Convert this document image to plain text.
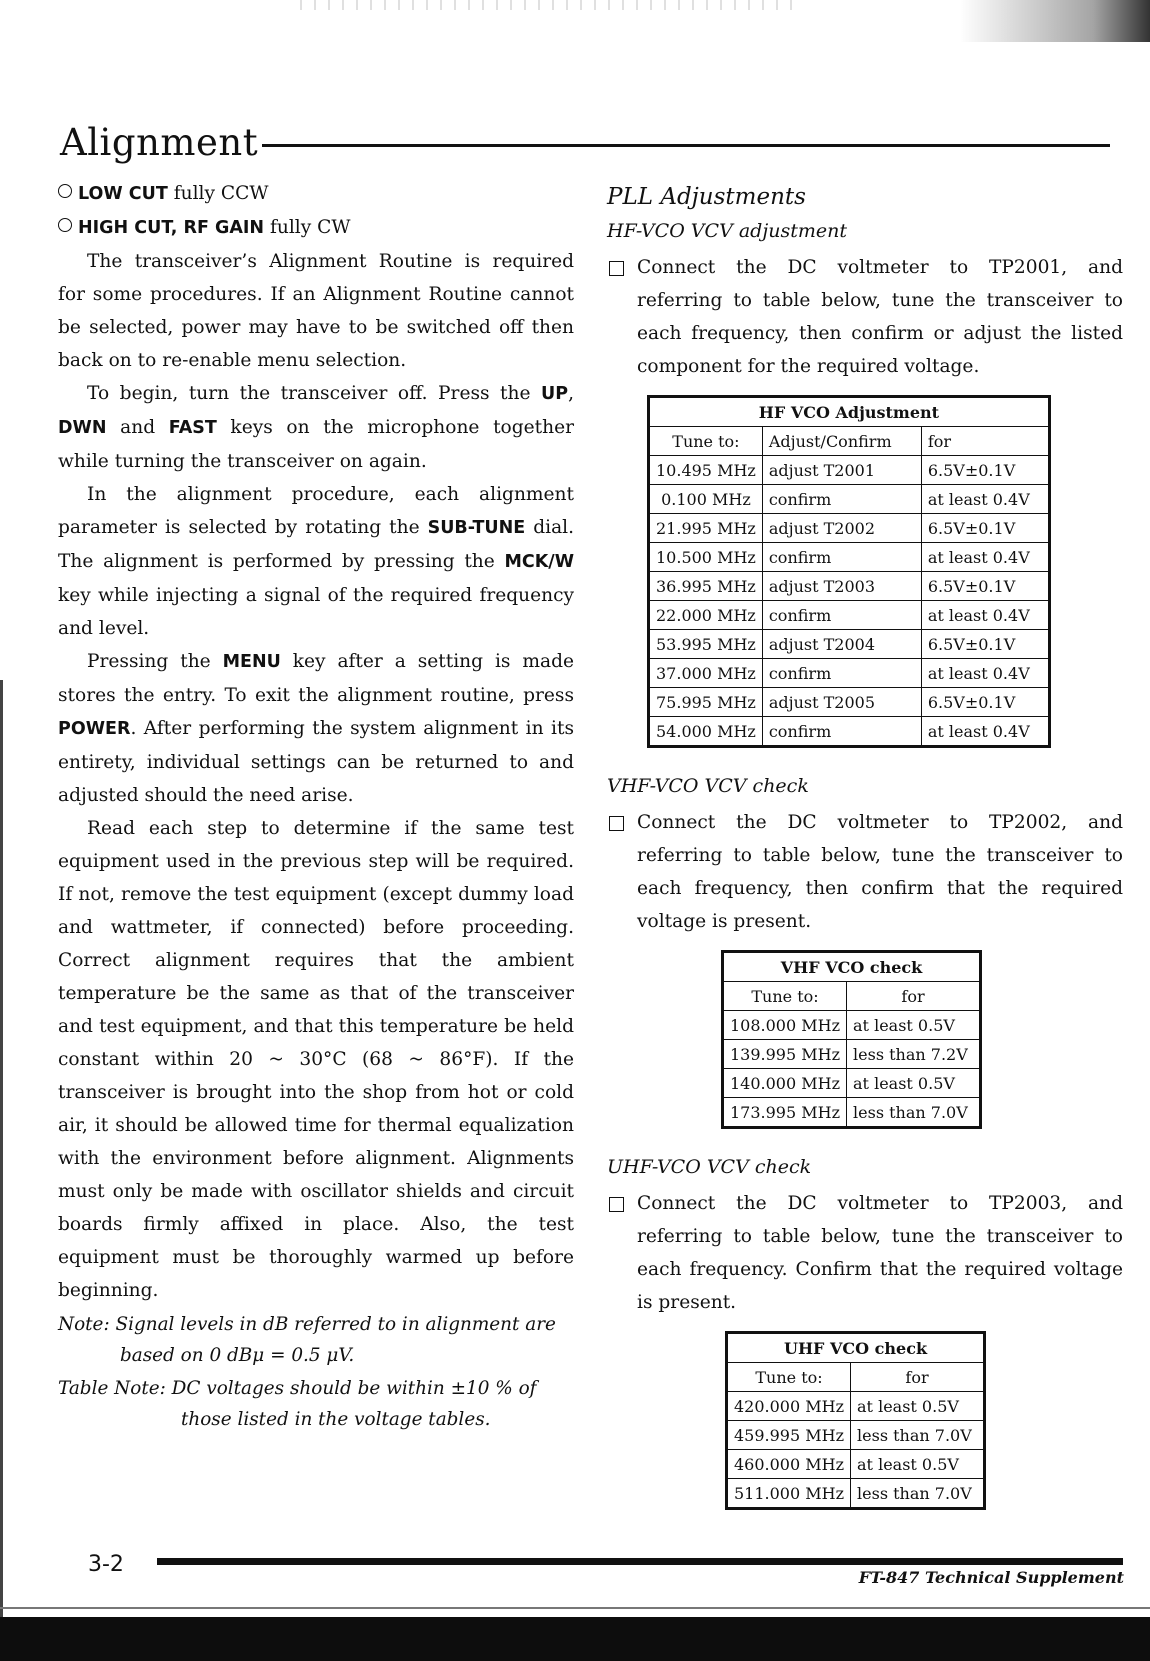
Alignment

LOW CUT fully CCW

HIGH CUT, RF GAIN fully CW

The transceiver’s Alignment Routine is required for some procedures. If an Alignment Routine cannot be selected, power may have to be switched off then back on to re-enable menu selection.

To begin, turn the transceiver off. Press the UP, DWN and FAST keys on the microphone together while turning the transceiver on again.

In the alignment procedure, each alignment parameter is selected by rotating the SUB-TUNE dial. The alignment is performed by pressing the MCK/W key while injecting a signal of the required frequency and level.

Pressing the MENU key after a setting is made stores the entry. To exit the alignment routine, press POWER. After performing the system alignment in its entirety, individual settings can be returned to and adjusted should the need arise.

Read each step to determine if the same test equipment used in the previous step will be required. If not, remove the test equipment (except dummy load and wattmeter, if connected) before proceeding. Correct alignment requires that the ambient temperature be the same as that of the transceiver and test equipment, and that this temperature be held constant within 20 ~ 30°C (68 ~ 86°F). If the transceiver is brought into the shop from hot or cold air, it should be allowed time for thermal equalization with the environment before alignment. Alignments must only be made with oscillator shields and circuit boards firmly affixed in place. Also, the test equipment must be thoroughly warmed up before beginning.

Note: Signal levels in dB referred to in alignment are
based on 0 dBμ = 0.5 μV.

Table Note: DC voltages should be within ±10 % of
those listed in the voltage tables.

PLL Adjustments
HF-VCO VCV adjustment

Connect the DC voltmeter to TP2001, and referring to table below, tune the transceiver to each frequency, then confirm or adjust the listed component for the required voltage.

HF VCO Adjustment		
Tune to:	Adjust/Confirm	for
10.495 MHz	adjust T2001	6.5V±0.1V
0.100 MHz	confirm	at least 0.4V
21.995 MHz	adjust T2002	6.5V±0.1V
10.500 MHz	confirm	at least 0.4V
36.995 MHz	adjust T2003	6.5V±0.1V
22.000 MHz	confirm	at least 0.4V
53.995 MHz	adjust T2004	6.5V±0.1V
37.000 MHz	confirm	at least 0.4V
75.995 MHz	adjust T2005	6.5V±0.1V
54.000 MHz	confirm	at least 0.4V
VHF-VCO VCV check

Connect the DC voltmeter to TP2002, and referring to table below, tune the transceiver to each frequency, then confirm that the required voltage is present.

VHF VCO check	
Tune to:	for
108.000 MHz	at least 0.5V
139.995 MHz	less than 7.2V
140.000 MHz	at least 0.5V
173.995 MHz	less than 7.0V
UHF-VCO VCV check

Connect the DC voltmeter to TP2003, and referring to table below, tune the transceiver to each frequency. Confirm that the required voltage is present.

UHF VCO check	
Tune to:	for
420.000 MHz	at least 0.5V
459.995 MHz	less than 7.0V
460.000 MHz	at least 0.5V
511.000 MHz	less than 7.0V
3-2
FT-847 Technical Supplement
